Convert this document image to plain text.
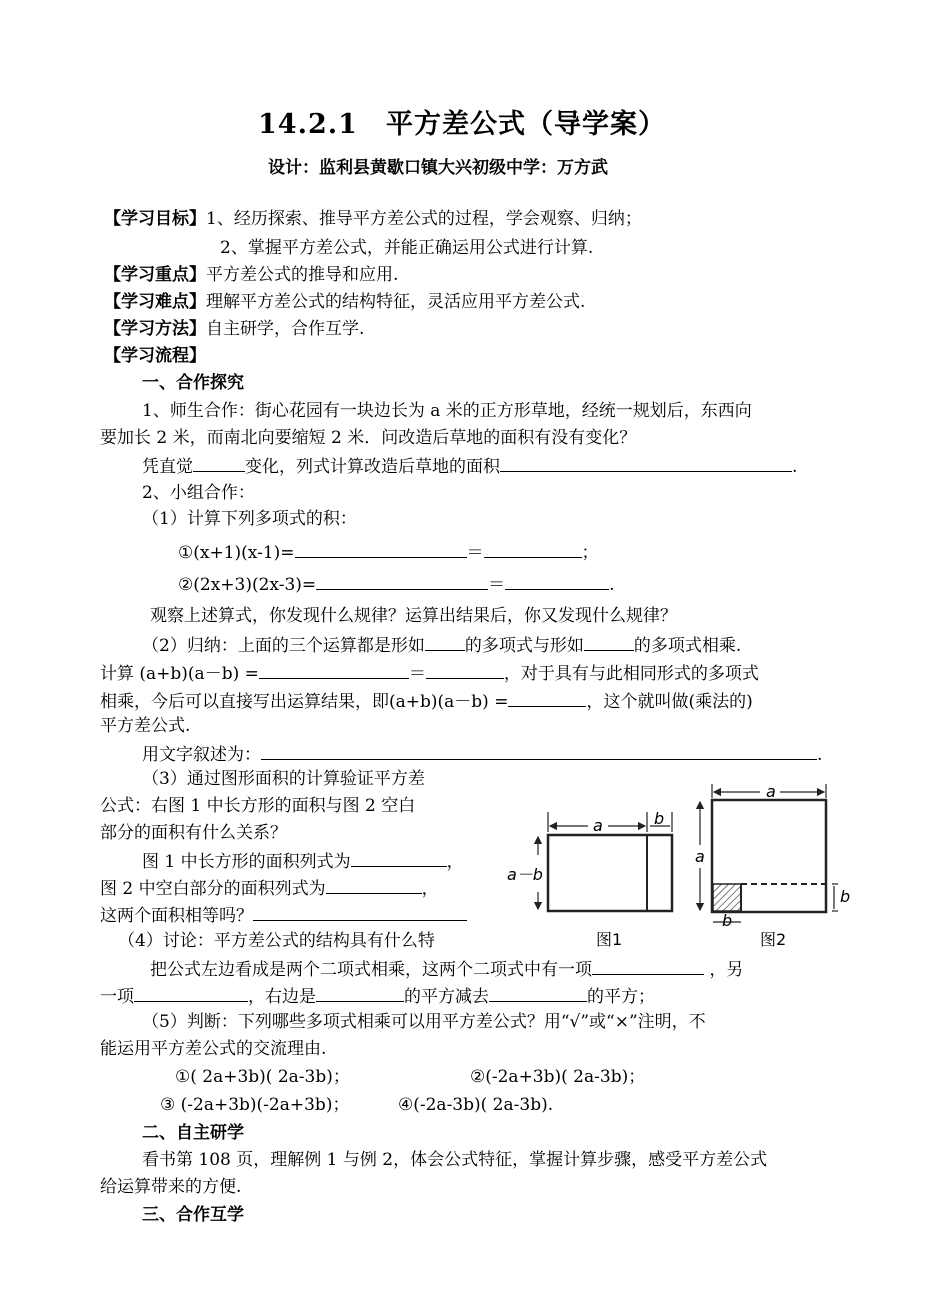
14.2.1　平方差公式（导学案）
设计：监利县黄歇口镇大兴初级中学：万方武
【学习目标】1、经历探索、推导平方差公式的过程，学会观察、归纳；
2、掌握平方差公式，并能正确运用公式进行计算.
【学习重点】平方差公式的推导和应用.
【学习难点】理解平方差公式的结构特征，灵活应用平方差公式.
【学习方法】自主研学，合作互学.
【学习流程】
一、合作探究
1、师生合作：街心花园有一块边长为 a 米的正方形草地，经统一规划后，东西向
要加长 2 米，而南北向要缩短 2 米．问改造后草地的面积有没有变化？
凭直觉	变化，列式计算改造后草地的面积	.
2、小组合作：
（1）计算下列多项式的积：
①(x+1)(x-1)=	＝	；
②(2x+3)(2x-3)=	＝	.
观察上述算式，你发现什么规律？运算出结果后，你又发现什么规律？
（2）归纳：上面的三个运算都是形如 的多项式与形如	的多项式相乘.
计算 (a+b)(a－b) =	＝	，对于具有与此相同形式的多项式
相乘，今后可以直接写出运算结果，即(a+b)(a－b) =	，这个就叫做(乘法的)
平方差公式.
用文字叙述为：	.
（3）通过图形面积的计算验证平方差
公式：右图 1 中长方形的面积与图 2 空白
部分的面积有什么关系？
图 1 中长方形的面积列式为	，
图 2 中空白部分的面积列式为	，
这两个面积相等吗？
（4）讨论：平方差公式的结构具有什么特
把公式左边看成是两个二项式相乘，这两个二项式中有一项	，另
一项	，右边是	的平方减去	的平方；
（5）判断：下列哪些多项式相乘可以用平方差公式？用“√”或“×”注明，不
能运用平方差公式的交流理由.
①( 2a+3b)( 2a-3b)；	②(-2a+3b)( 2a-3b)；
③ (-2a+3b)(-2a+3b)；	④(-2a-3b)( 2a-3b).
二、自主研学
看书第 108 页，理解例 1 与例 2，体会公式特征，掌握计算步骤，感受平方差公式
给运算带来的方便.
三、合作互学
a	b
a－b
图1
a
a
b
b
图2
